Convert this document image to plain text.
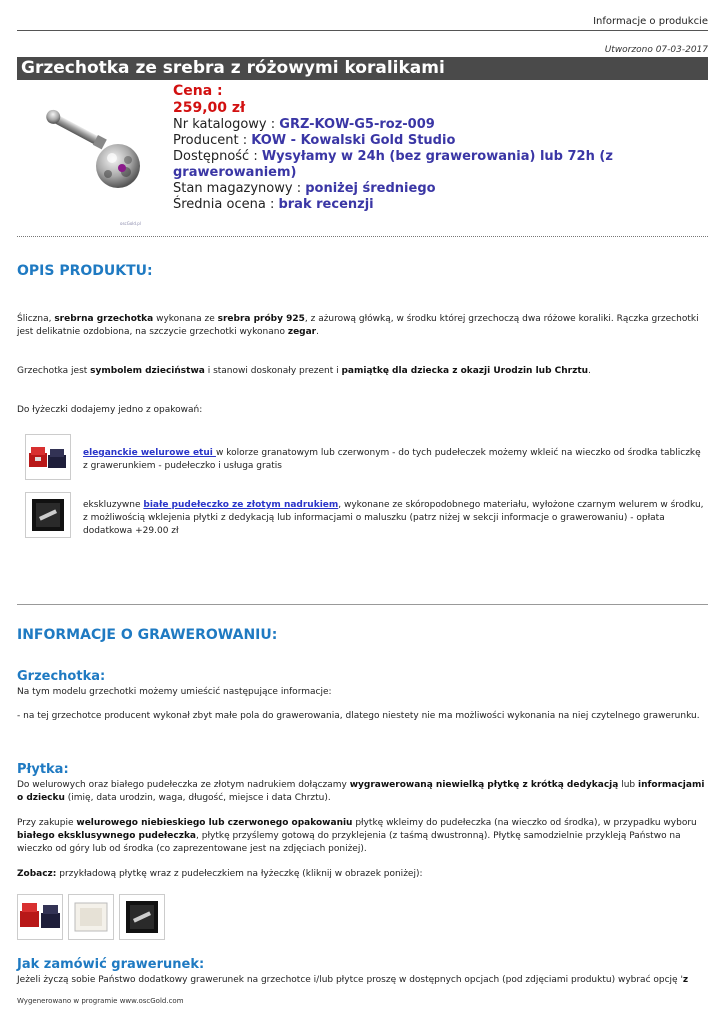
Informacje o produkcie
Utworzono 07-03-2017
Grzechotka ze srebra z różowymi koralikami
oscGold.pl
Cena :
259,00 zł
Nr katalogowy : GRZ-KOW-G5-roz-009
Producent : KOW - Kowalski Gold Studio
Dostępność : Wysyłamy w 24h (bez grawerowania) lub 72h (z grawerowaniem)
Stan magazynowy : poniżej średniego
Średnia ocena : brak recenzji
OPIS PRODUKTU:
Śliczna, srebrna grzechotka wykonana ze srebra próby 925, z ażurową główką, w środku której grzechoczą dwa różowe koraliki. Rączka grzechotki jest delikatnie ozdobiona, na szczycie grzechotki wykonano zegar.
Grzechotka jest symbolem dzieciństwa i stanowi doskonały prezent i pamiątkę dla dziecka z okazji Urodzin lub Chrztu.
Do łyżeczki dodajemy jedno z opakowań:
eleganckie welurowe etui w kolorze granatowym lub czerwonym - do tych pudełeczek możemy wkleić na wieczko od środka tabliczkę z grawerunkiem - pudełeczko i usługa gratis
ekskluzywne białe pudełeczko ze złotym nadrukiem, wykonane ze skóropodobnego materiału, wyłożone czarnym welurem w środku, z możliwością wklejenia płytki z dedykacją lub informacjami o maluszku (patrz niżej w sekcji informacje o grawerowaniu) - opłata dodatkowa +29.00 zł
INFORMACJE O GRAWEROWANIU:
Grzechotka:
Na tym modelu grzechotki możemy umieścić następujące informacje:
- na tej grzechotce producent wykonał zbyt małe pola do grawerowania, dlatego niestety nie ma możliwości wykonania na niej czytelnego grawerunku.
Płytka:
Do welurowych oraz białego pudełeczka ze złotym nadrukiem dołączamy wygrawerowaną niewielką płytkę z krótką dedykacją lub informacjami o dziecku (imię, data urodzin, waga, długość, miejsce i data Chrztu).
Przy zakupie welurowego niebieskiego lub czerwonego opakowaniu płytkę wkleimy do pudełeczka (na wieczko od środka), w przypadku wyboru białego eksklusywnego pudełeczka, płytkę przyślemy gotową do przyklejenia (z taśmą dwustronną). Płytkę samodzielnie przykleją Państwo na wieczko od góry lub od środka (co zaprezentowane jest na zdjęciach poniżej).
Zobacz: przykładową płytkę wraz z pudełeczkiem na łyżeczkę (kliknij w obrazek poniżej):
Jak zamówić grawerunek:
Jeżeli życzą sobie Państwo dodatkowy grawerunek na grzechotce i/lub płytce proszę w dostępnych opcjach (pod zdjęciami produktu) wybrać opcję 'z
Wygenerowano w programie www.oscGold.com
